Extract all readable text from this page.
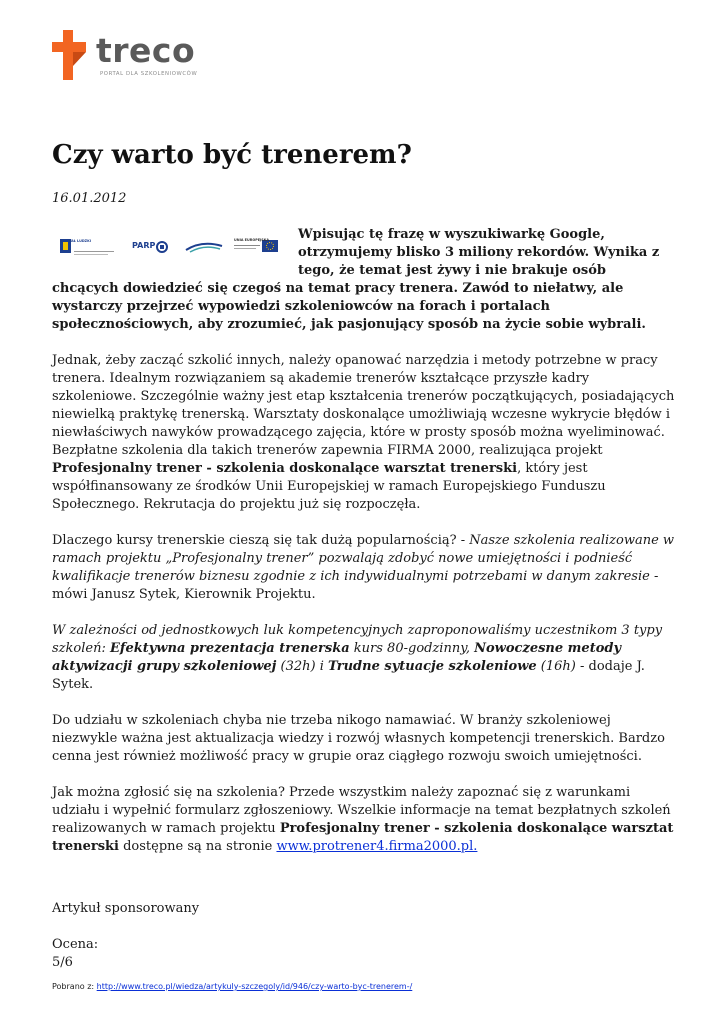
treco
PORTAL DLA SZKOLENIOWCÓW
Czy warto być trenerem?
16.01.2012

KAPITAŁ LUDZKI	PARP
UNIA EUROPEJSKA Wpisując tę frazę w wyszukiwarkę Google, otrzymujemy blisko 3 miliony rekordów. Wynika z tego, że temat jest żywy i nie brakuje osób chcących dowiedzieć się czegoś na temat pracy trenera. Zawód to niełatwy, ale wystarczy przejrzeć wypowiedzi szkoleniowców na forach i portalach społecznościowych, aby zrozumieć, jak pasjonujący sposób na życie sobie wybrali.

Jednak, żeby zacząć szkolić innych, należy opanować narzędzia i metody potrzebne w pracy trenera. Idealnym rozwiązaniem są akademie trenerów kształcące przyszłe kadry szkoleniowe. Szczególnie ważny jest etap kształcenia trenerów początkujących, posiadających niewielką praktykę trenerską. Warsztaty doskonalące umożliwiają wczesne wykrycie błędów i niewłaściwych nawyków prowadzącego zajęcia, które w prosty sposób można wyeliminować. Bezpłatne szkolenia dla takich trenerów zapewnia FIRMA 2000, realizująca projekt Profesjonalny trener - szkolenia doskonalące warsztat trenerski, który jest współfinansowany ze środków Unii Europejskiej w ramach Europejskiego Funduszu Społecznego. Rekrutacja do projektu już się rozpoczęła.

Dlaczego kursy trenerskie cieszą się tak dużą popularnością? - Nasze szkolenia realizowane w ramach projektu „Profesjonalny trener” pozwalają zdobyć nowe umiejętności i podnieść kwalifikacje trenerów biznesu zgodnie z ich indywidualnymi potrzebami w danym zakresie - mówi Janusz Sytek, Kierownik Projektu.

W zależności od jednostkowych luk kompetencyjnych zaproponowaliśmy uczestnikom 3 typy szkoleń: Efektywna prezentacja trenerska kurs 80-godzinny, Nowoczesne metody aktywizacji grupy szkoleniowej (32h) i Trudne sytuacje szkoleniowe (16h) - dodaje J. Sytek.

Do udziału w szkoleniach chyba nie trzeba nikogo namawiać. W branży szkoleniowej niezwykle ważna jest aktualizacja wiedzy i rozwój własnych kompetencji trenerskich. Bardzo cenna jest również możliwość pracy w grupie oraz ciągłego rozwoju swoich umiejętności.

Jak można zgłosić się na szkolenia? Przede wszystkim należy zapoznać się z warunkami udziału i wypełnić formularz zgłoszeniowy. Wszelkie informacje na temat bezpłatnych szkoleń realizowanych w ramach projektu Profesjonalny trener - szkolenia doskonalące warsztat trenerski dostępne są na stronie www.protrener4.firma2000.pl.

Artykuł sponsorowany

Ocena:
5/6

Pobrano z: http://www.treco.pl/wiedza/artykuly-szczegoly/id/946/czy-warto-byc-trenerem-/
